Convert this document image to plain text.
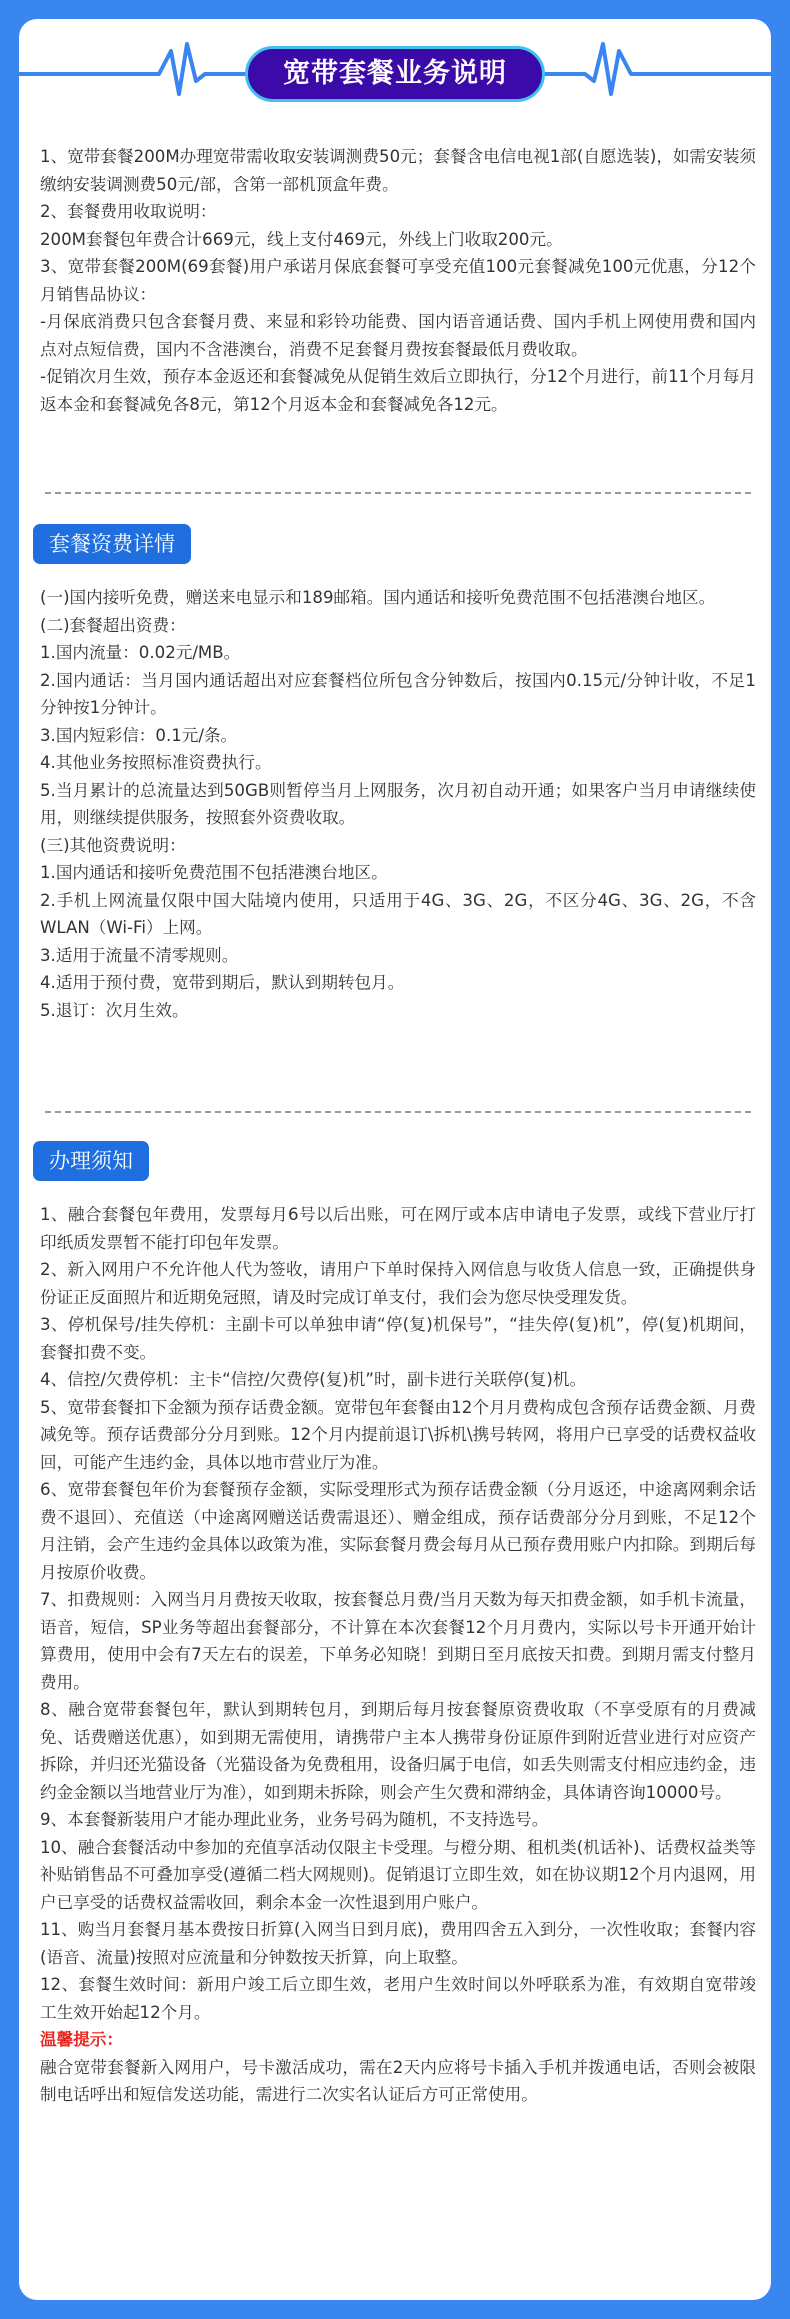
宽带套餐业务说明

1、宽带套餐200M办理宽带需收取安装调测费50元；套餐含电信电视1部(自愿选装)，如需安装须缴纳安装调测费50元/部，含第一部机顶盒年费。

2、套餐费用收取说明：

200M套餐包年费合计669元，线上支付469元，外线上门收取200元。

3、宽带套餐200M(69套餐)用户承诺月保底套餐可享受充值100元套餐减免100元优惠，分12个月销售品协议：

-月保底消费只包含套餐月费、来显和彩铃功能费、国内语音通话费、国内手机上网使用费和国内点对点短信费，国内不含港澳台，消费不足套餐月费按套餐最低月费收取。

-促销次月生效，预存本金返还和套餐减免从促销生效后立即执行，分12个月进行，前11个月每月返本金和套餐减免各8元，第12个月返本金和套餐减免各12元。

套餐资费详情

(一)国内接听免费，赠送来电显示和189邮箱。国内通话和接听免费范围不包括港澳台地区。

(二)套餐超出资费：

1.国内流量：0.02元/MB。

2.国内通话：当月国内通话超出对应套餐档位所包含分钟数后，按国内0.15元/分钟计收，不足1分钟按1分钟计。

3.国内短彩信：0.1元/条。

4.其他业务按照标准资费执行。

5.当月累计的总流量达到50GB则暂停当月上网服务，次月初自动开通；如果客户当月申请继续使用，则继续提供服务，按照套外资费收取。

(三)其他资费说明：

1.国内通话和接听免费范围不包括港澳台地区。

2.手机上网流量仅限中国大陆境内使用，只适用于4G、3G、2G，不区分4G、3G、2G，不含WLAN（Wi-Fi）上网。

3.适用于流量不清零规则。

4.适用于预付费，宽带到期后，默认到期转包月。

5.退订：次月生效。

办理须知

1、融合套餐包年费用，发票每月6号以后出账，可在网厅或本店申请电子发票，或线下营业厅打印纸质发票暂不能打印包年发票。

2、新入网用户不允许他人代为签收，请用户下单时保持入网信息与收货人信息一致，正确提供身份证正反面照片和近期免冠照，请及时完成订单支付，我们会为您尽快受理发货。

3、停机保号/挂失停机：主副卡可以单独申请“停(复)机保号”，“挂失停(复)机”，停(复)机期间，套餐扣费不变。

4、信控/欠费停机：主卡“信控/欠费停(复)机”时，副卡进行关联停(复)机。

5、宽带套餐扣下金额为预存话费金额。宽带包年套餐由12个月月费构成包含预存话费金额、月费减免等。预存话费部分分月到账。12个月内提前退订\拆机\携号转网，将用户已享受的话费权益收回，可能产生违约金，具体以地市营业厅为准。

6、宽带套餐包年价为套餐预存金额，实际受理形式为预存话费金额（分月返还，中途离网剩余话费不退回）、充值送（中途离网赠送话费需退还）、赠金组成，预存话费部分分月到账，不足12个月注销，会产生违约金具体以政策为准，实际套餐月费会每月从已预存费用账户内扣除。到期后每月按原价收费。

7、扣费规则：入网当月月费按天收取，按套餐总月费/当月天数为每天扣费金额，如手机卡流量，语音，短信，SP业务等超出套餐部分，不计算在本次套餐12个月月费内，实际以号卡开通开始计算费用，使用中会有7天左右的误差，下单务必知晓！到期日至月底按天扣费。到期月需支付整月费用。

8、融合宽带套餐包年，默认到期转包月，到期后每月按套餐原资费收取（不享受原有的月费减免、话费赠送优惠），如到期无需使用，请携带户主本人携带身份证原件到附近营业进行对应资产拆除，并归还光猫设备（光猫设备为免费租用，设备归属于电信，如丢失则需支付相应违约金，违约金金额以当地营业厅为准），如到期未拆除，则会产生欠费和滞纳金，具体请咨询10000号。

9、本套餐新装用户才能办理此业务，业务号码为随机，不支持选号。

10、融合套餐活动中参加的充值享活动仅限主卡受理。与橙分期、租机类(机话补)、话费权益类等补贴销售品不可叠加享受(遵循二档大网规则)。促销退订立即生效，如在协议期12个月内退网，用户已享受的话费权益需收回，剩余本金一次性退到用户账户。

11、购当月套餐月基本费按日折算(入网当日到月底)，费用四舍五入到分，一次性收取；套餐内容(语音、流量)按照对应流量和分钟数按天折算，向上取整。

12、套餐生效时间：新用户竣工后立即生效，老用户生效时间以外呼联系为准，有效期自宽带竣工生效开始起12个月。

温馨提示：

融合宽带套餐新入网用户，号卡激活成功，需在2天内应将号卡插入手机并拨通电话，否则会被限制电话呼出和短信发送功能，需进行二次实名认证后方可正常使用。
